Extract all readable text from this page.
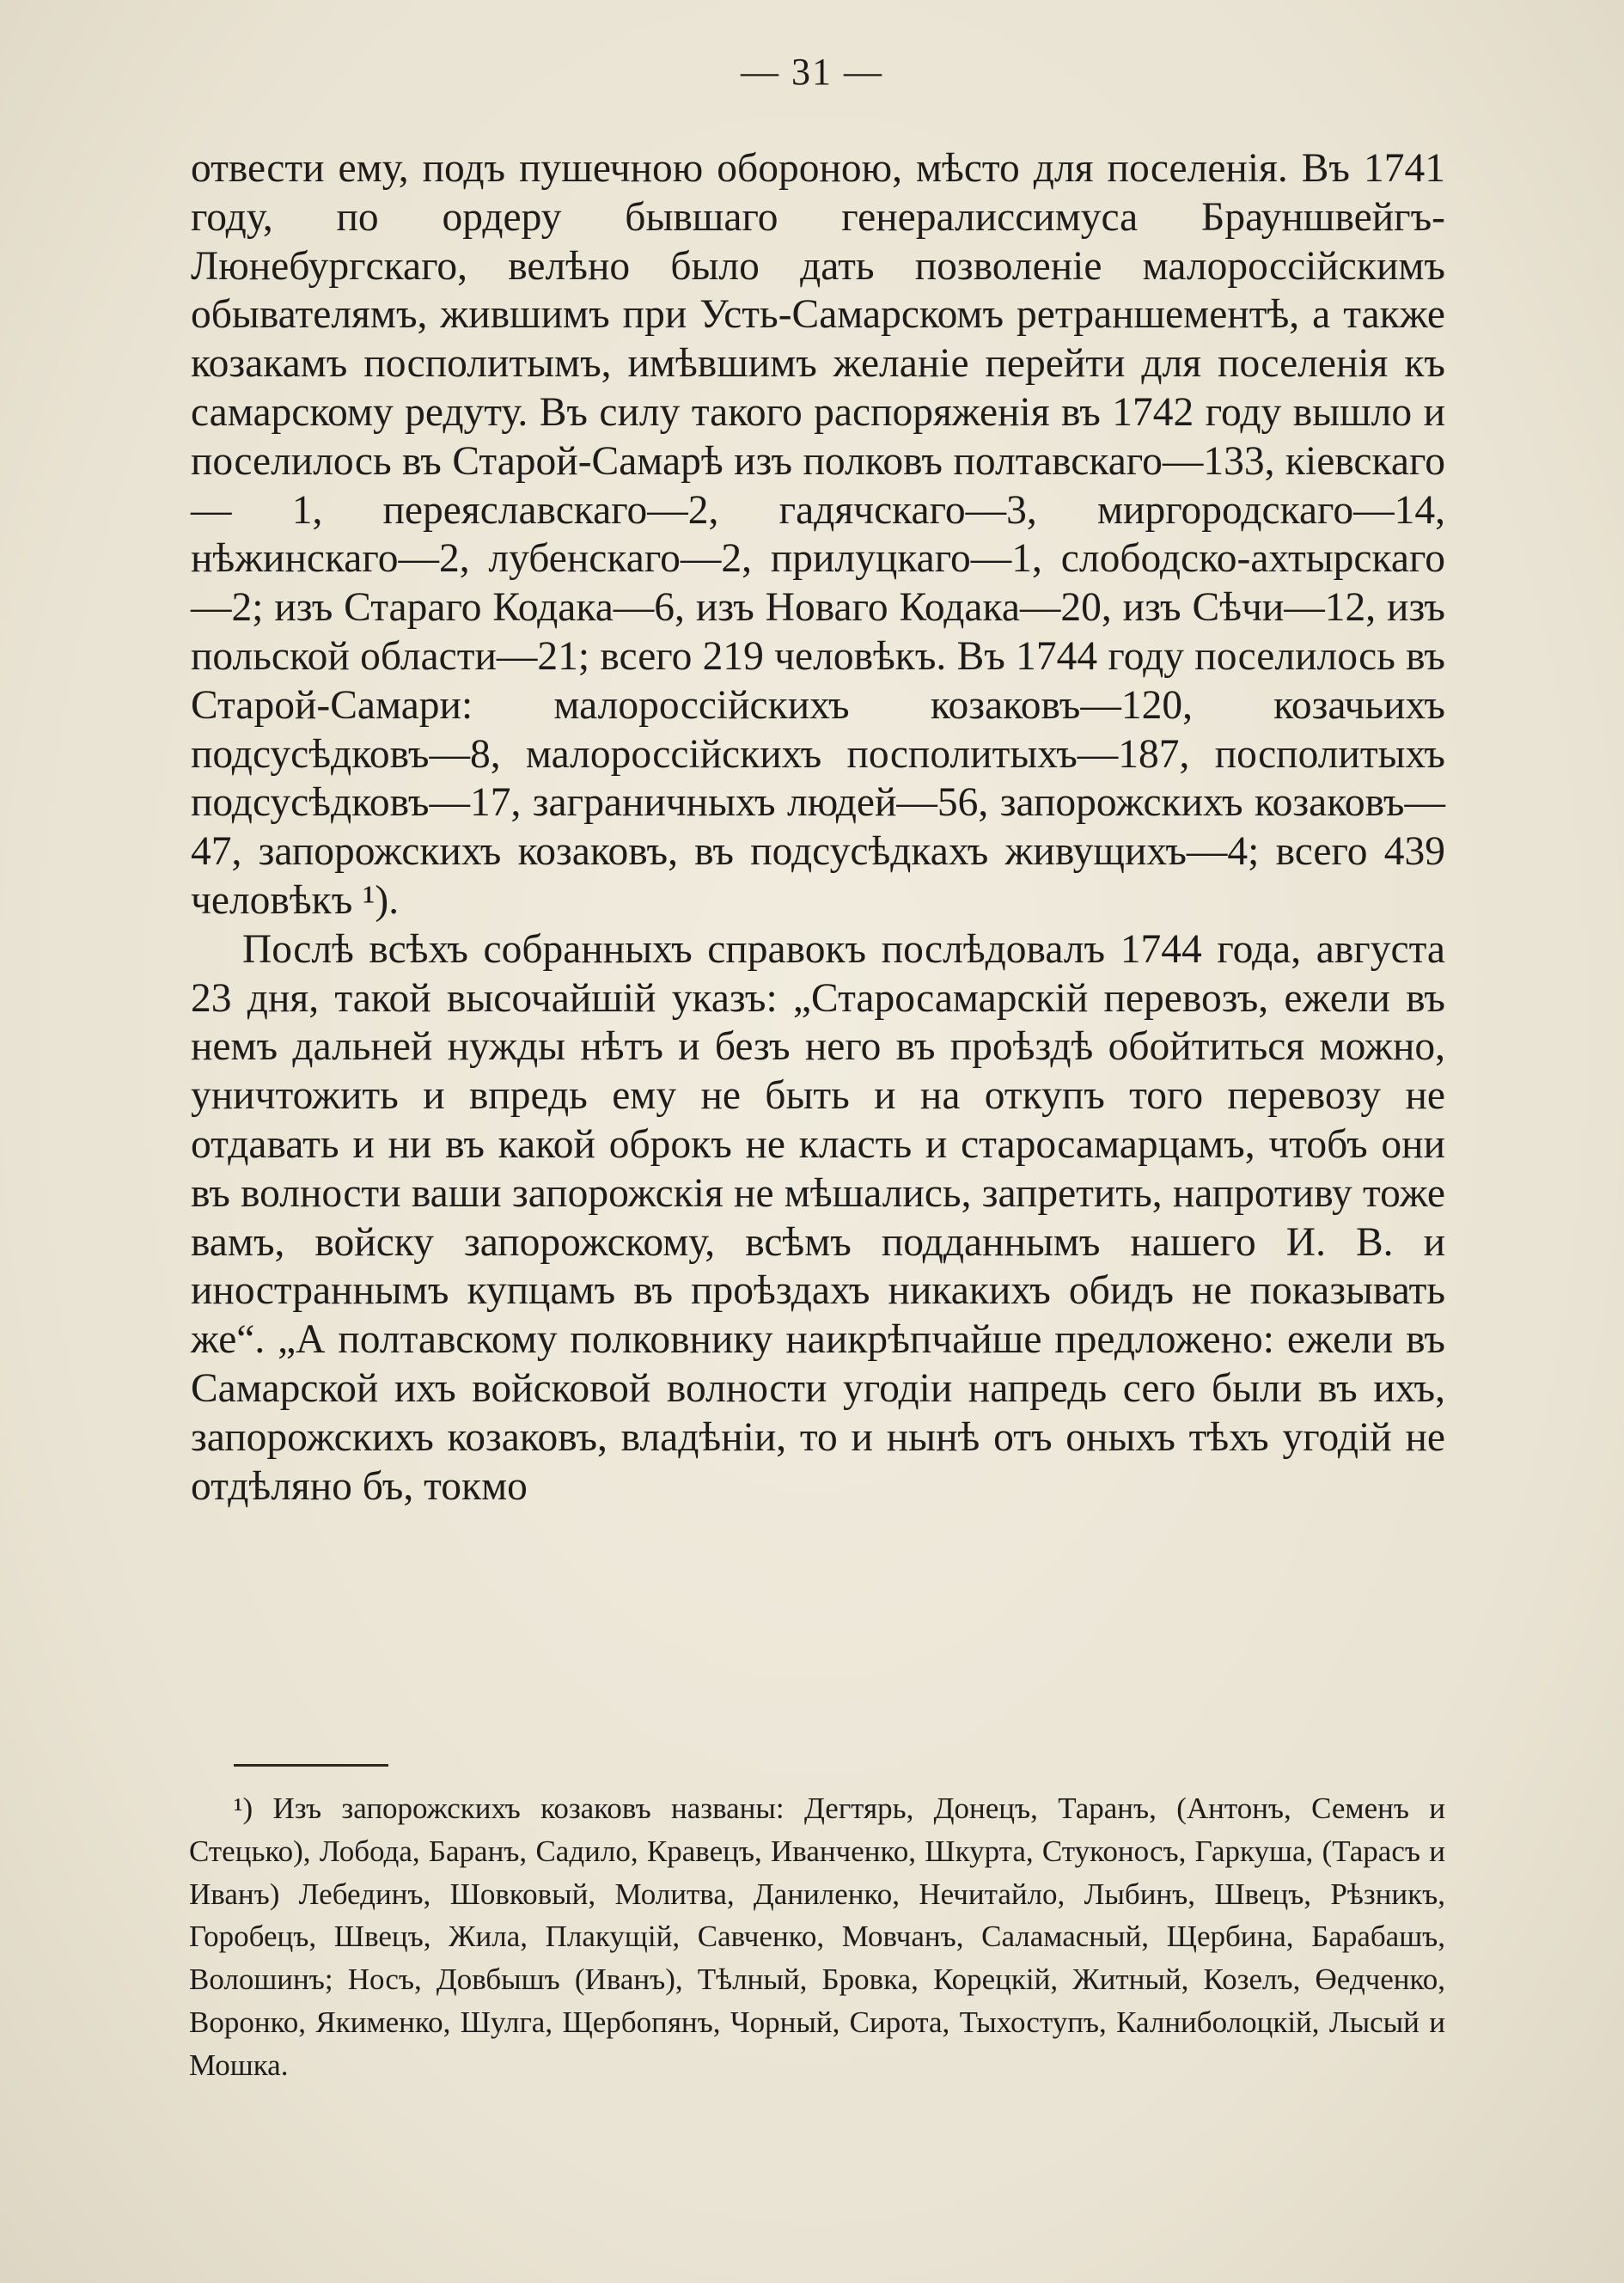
— 31 —

отвести ему, подъ пушечною обороною, мѣсто для поселенія. Въ 1741 году, по ордеру бывшаго генералиссимуса Брауншвейгъ-Люнебургскаго, велѣно было дать позволеніе малороссійскимъ обывателямъ, жившимъ при Усть-Самарскомъ ретраншементѣ, а также козакамъ посполитымъ, имѣвшимъ желаніе перейти для поселенія къ самарскому редуту. Въ силу такого распоряженія въ 1742 году вышло и поселилось въ Старой-Самарѣ изъ полковъ полтавскаго—133, кіевскаго — 1, переяславскаго—2, гадячскаго—3, миргородскаго—14, нѣжинскаго—2, лубенскаго—2, прилуцкаго—1, слободско-ахтырскаго—2; изъ Стараго Кодака—6, изъ Новаго Кодака—20, изъ Сѣчи—12, изъ польской области—21; всего 219 человѣкъ. Въ 1744 году поселилось въ Старой-Самари: малороссійскихъ козаковъ—120, козачьихъ подсусѣдковъ—8, малороссійскихъ посполитыхъ—187, посполитыхъ подсусѣдковъ—17, заграничныхъ людей—56, запорожскихъ козаковъ—47, запорожскихъ козаковъ, въ подсусѣдкахъ живущихъ—4; всего 439 человѣкъ ¹).

Послѣ всѣхъ собранныхъ справокъ послѣдовалъ 1744 года, августа 23 дня, такой высочайшій указъ: „Старосамарскій перевозъ, ежели въ немъ дальней нужды нѣтъ и безъ него въ проѣздѣ обойтиться можно, уничтожить и впредь ему не быть и на откупъ того перевозу не отдавать и ни въ какой оброкъ не класть и старосамарцамъ, чтобъ они въ волности ваши запорожскія не мѣшались, запретить, напротиву тоже вамъ, войску запорожскому, всѣмъ подданнымъ нашего И. В. и иностраннымъ купцамъ въ проѣздахъ никакихъ обидъ не показывать же“. „А полтавскому полковнику наикрѣпчайше предложено: ежели въ Самарской ихъ войсковой волности угодіи напредь сего были въ ихъ, запорожскихъ козаковъ, владѣніи, то и нынѣ отъ оныхъ тѣхъ угодій не отдѣляно бъ, токмо

¹) Изъ запорожскихъ козаковъ названы: Дегтярь, Донецъ, Таранъ, (Антонъ, Семенъ и Стецько), Лобода, Баранъ, Садило, Кравецъ, Иванченко, Шкурта, Стуконосъ, Гаркуша, (Тарасъ и Иванъ) Лебединъ, Шовковый, Молитва, Даниленко, Нечитайло, Лыбинъ, Швецъ, Рѣзникъ, Горобецъ, Швецъ, Жила, Плакущій, Савченко, Мовчанъ, Саламасный, Щербина, Барабашъ, Волошинъ; Носъ, Довбышъ (Иванъ), Тѣлный, Бровка, Корецкій, Житный, Козелъ, Өедченко, Воронко, Якименко, Шулга, Щербопянъ, Чорный, Сирота, Тыхоступъ, Калниболоцкій, Лысый и Мошка.
